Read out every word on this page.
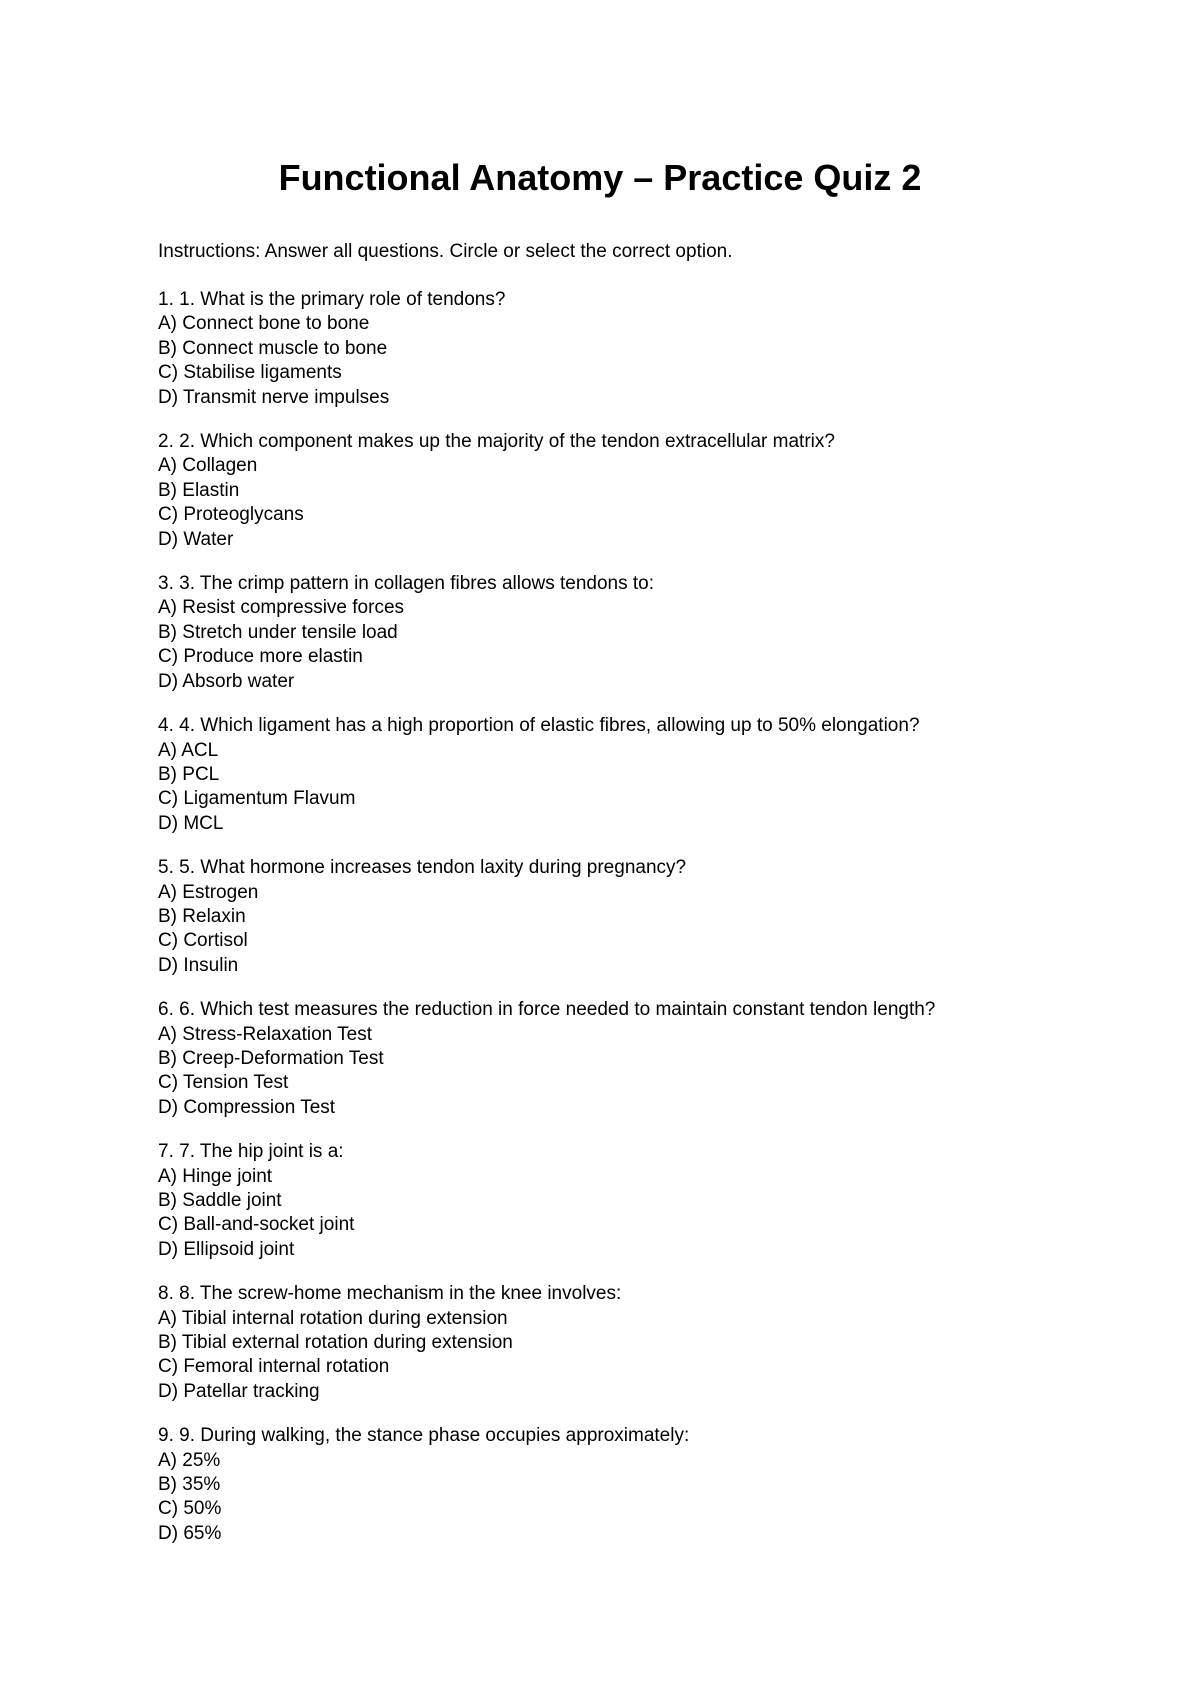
Functional Anatomy – Practice Quiz 2

Instructions: Answer all questions. Circle or select the correct option.

1. 1. What is the primary role of tendons?

A) Connect bone to bone
B) Connect muscle to bone
C) Stabilise ligaments
D) Transmit nerve impulses

2. 2. Which component makes up the majority of the tendon extracellular matrix?

A) Collagen
B) Elastin
C) Proteoglycans
D) Water

3. 3. The crimp pattern in collagen fibres allows tendons to:

A) Resist compressive forces
B) Stretch under tensile load
C) Produce more elastin
D) Absorb water

4. 4. Which ligament has a high proportion of elastic fibres, allowing up to 50% elongation?

A) ACL
B) PCL
C) Ligamentum Flavum
D) MCL

5. 5. What hormone increases tendon laxity during pregnancy?

A) Estrogen
B) Relaxin
C) Cortisol
D) Insulin

6. 6. Which test measures the reduction in force needed to maintain constant tendon length?

A) Stress-Relaxation Test
B) Creep-Deformation Test
C) Tension Test
D) Compression Test

7. 7. The hip joint is a:

A) Hinge joint
B) Saddle joint
C) Ball-and-socket joint
D) Ellipsoid joint

8. 8. The screw-home mechanism in the knee involves:

A) Tibial internal rotation during extension
B) Tibial external rotation during extension
C) Femoral internal rotation
D) Patellar tracking

9. 9. During walking, the stance phase occupies approximately:

A) 25%
B) 35%
C) 50%
D) 65%
